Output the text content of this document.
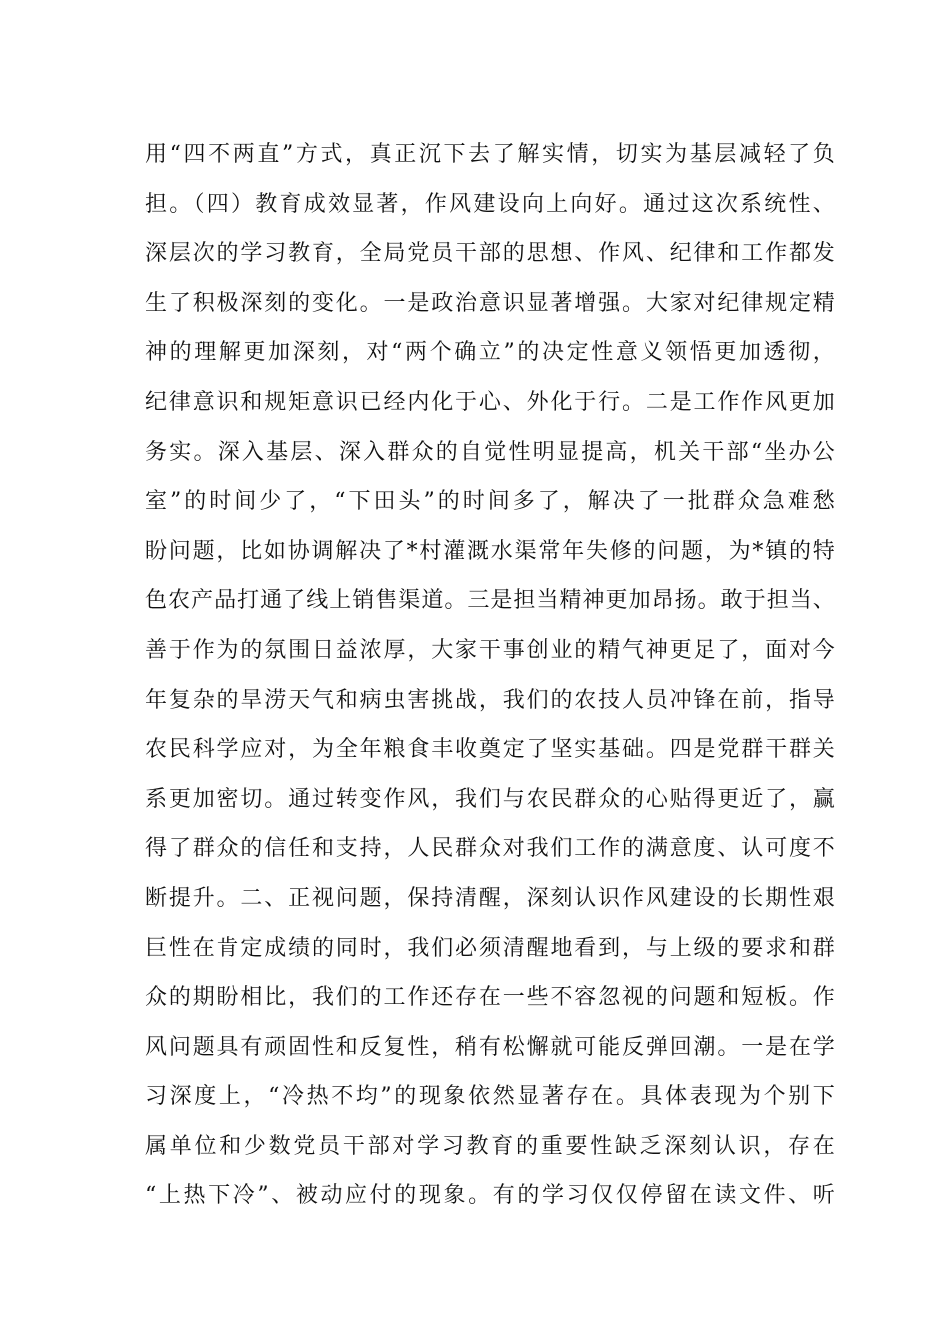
用“四不两直”方式，真正沉下去了解实情，切实为基层减轻了负
担。（四）教育成效显著，作风建设向上向好。通过这次系统性、
深层次的学习教育，全局党员干部的思想、作风、纪律和工作都发
生了积极深刻的变化。一是政治意识显著增强。大家对纪律规定精
神的理解更加深刻，对“两个确立”的决定性意义领悟更加透彻，
纪律意识和规矩意识已经内化于心、外化于行。二是工作作风更加
务实。深入基层、深入群众的自觉性明显提高，机关干部“坐办公
室”的时间少了，“下田头”的时间多了，解决了一批群众急难愁
盼问题，比如协调解决了*村灌溉水渠常年失修的问题，为*镇的特
色农产品打通了线上销售渠道。三是担当精神更加昂扬。敢于担当、
善于作为的氛围日益浓厚，大家干事创业的精气神更足了，面对今
年复杂的旱涝天气和病虫害挑战，我们的农技人员冲锋在前，指导
农民科学应对，为全年粮食丰收奠定了坚实基础。四是党群干群关
系更加密切。通过转变作风，我们与农民群众的心贴得更近了，赢
得了群众的信任和支持，人民群众对我们工作的满意度、认可度不
断提升。二、正视问题，保持清醒，深刻认识作风建设的长期性艰
巨性在肯定成绩的同时，我们必须清醒地看到，与上级的要求和群
众的期盼相比，我们的工作还存在一些不容忽视的问题和短板。作
风问题具有顽固性和反复性，稍有松懈就可能反弹回潮。一是在学
习深度上，“冷热不均”的现象依然显著存在。具体表现为个别下
属单位和少数党员干部对学习教育的重要性缺乏深刻认识，存在
“上热下冷”、被动应付的现象。有的学习仅仅停留在读文件、听
